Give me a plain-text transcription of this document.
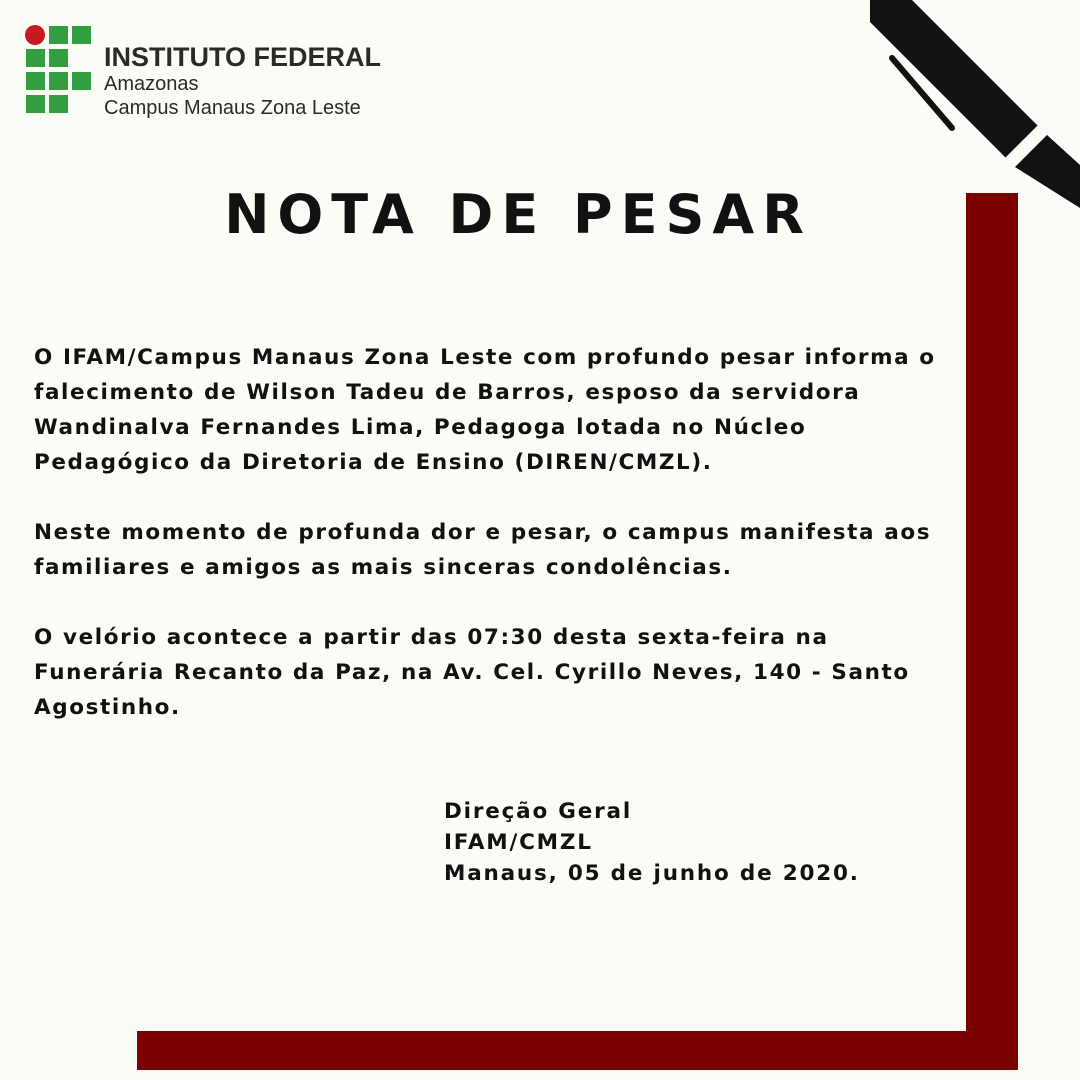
INSTITUTO FEDERAL
Amazonas
Campus Manaus Zona Leste
NOTA DE PESAR

O IFAM/Campus Manaus Zona Leste com profundo pesar informa o falecimento de Wilson Tadeu de Barros, esposo da servidora Wandinalva Fernandes Lima, Pedagoga lotada no Núcleo Pedagógico da Diretoria de Ensino (DIREN/CMZL).

Neste momento de profunda dor e pesar, o campus manifesta aos familiares e amigos as mais sinceras condolências.

O velório acontece a partir das 07:30 desta sexta-feira na Funerária Recanto da Paz, na Av. Cel. Cyrillo Neves, 140 - Santo Agostinho.

Direção Geral
IFAM/CMZL
Manaus, 05 de junho de 2020.
